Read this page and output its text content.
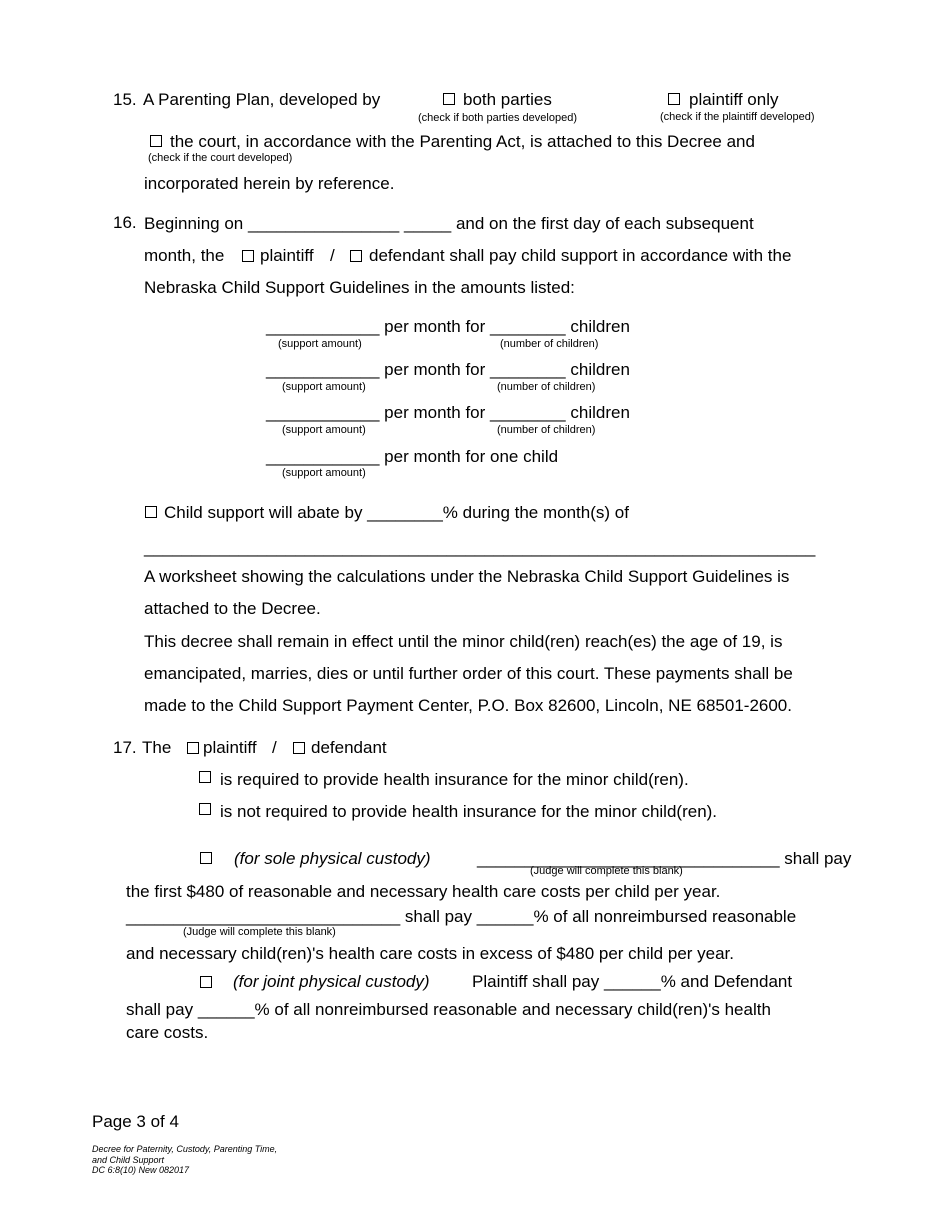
15. A Parenting Plan, developed by	both parties
(check if both parties developed)
plaintiff only
(check if the plaintiff developed)
the court, in accordance with the Parenting Act, is attached to this Decree and
(check if the court developed)
incorporated herein by reference.
16. Beginning on ________________ _____ and on the first day of each subsequent
month, the plaintiff / defendant shall pay child support in accordance with the
Nebraska Child Support Guidelines in the amounts listed:
____________ per month for ________ children
(support amount)	(number of children)
____________ per month for ________ children
(support amount)	(number of children)
____________ per month for ________ children
(support amount)	(number of children)
____________ per month for one child
(support amount)
Child support will abate by ________% during the month(s) of
_______________________________________________________________________
A worksheet showing the calculations under the Nebraska Child Support Guidelines is
attached to the Decree.
This decree shall remain in effect until the minor child(ren) reach(es) the age of 19, is
emancipated, marries, dies or until further order of this court. These payments shall be
made to the Child Support Payment Center, P.O. Box 82600, Lincoln, NE 68501-2600.
17. The plaintiff / defendant
is required to provide health insurance for the minor child(ren).
is not required to provide health insurance for the minor child(ren).
(for sole physical custody)	________________________________ shall pay
(Judge will complete this blank)
the first $480 of reasonable and necessary health care costs per child per year.
_____________________________ shall pay ______% of all nonreimbursed reasonable
(Judge will complete this blank)
and necessary child(ren)'s health care costs in excess of $480 per child per year.
(for joint physical custody) Plaintiff shall pay ______% and Defendant
shall pay ______% of all nonreimbursed reasonable and necessary child(ren)'s health
care costs.
Page 3 of 4
Decree for Paternity, Custody, Parenting Time,
and Child Support
DC 6:8(10) New 082017
